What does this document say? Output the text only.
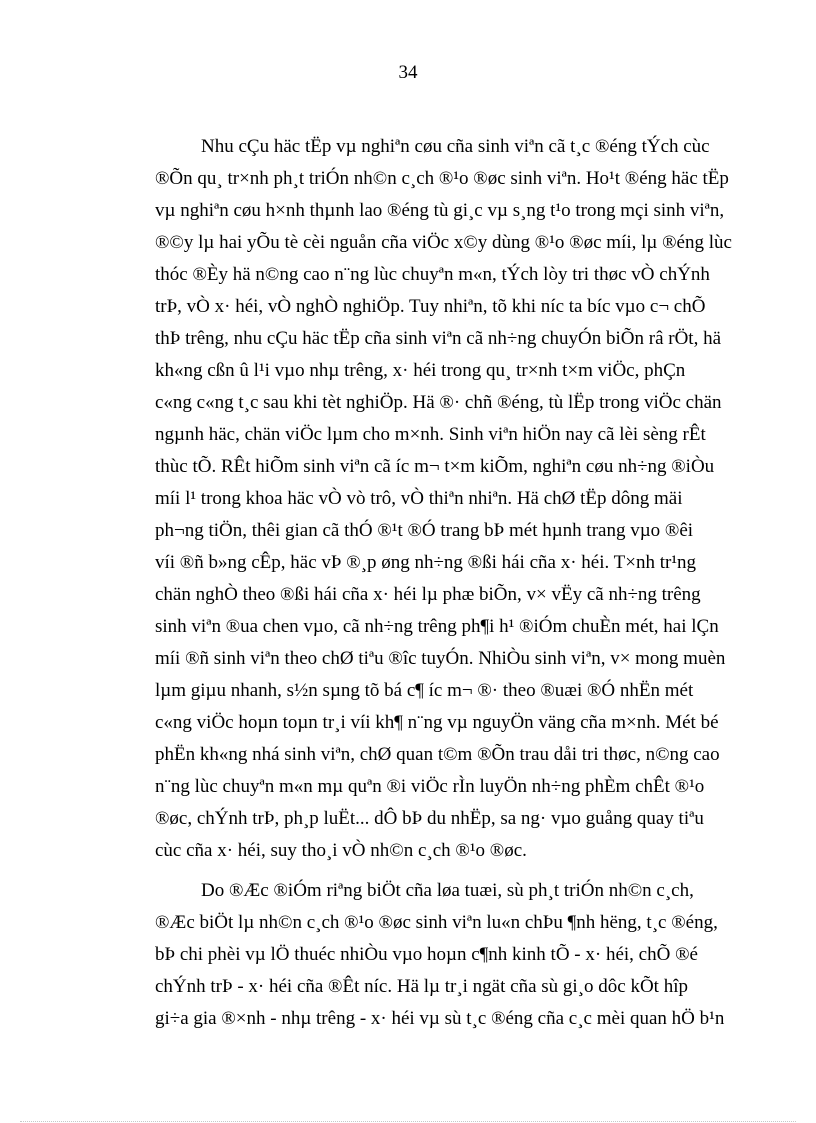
34
Nhu cÇu häc tËp vµ nghiªn cøu cña sinh viªn cã t¸c ®éng tÝch cùc
®Õn qu¸ tr×nh ph¸t triÓn nh©n c¸ch ®¹o ®øc sinh viªn. Ho¹t ®éng häc tËp
vµ nghiªn cøu h×nh thµnh lao ®éng tù gi¸c vµ s¸ng t¹o trong mçi sinh viªn,
®©y lµ hai yÕu tè cèi nguån cña viÖc x©y dùng ®¹o ®øc míi, lµ ®éng lùc
thóc ®Èy hä n©ng cao n¨ng lùc chuyªn m«n, tÝch lòy tri thøc vÒ chÝnh
trÞ, vÒ x· héi, vÒ nghÒ nghiÖp. Tuy nhiªn, tõ khi níc ta bíc vµo c¬ chÕ
thÞ trêng, nhu cÇu häc tËp cña sinh viªn cã nh÷ng chuyÓn biÕn râ rÖt, hä
kh«ng cßn û l¹i vµo nhµ trêng, x· héi trong qu¸ tr×nh t×m viÖc, phÇn
c«ng c«ng t¸c sau khi tèt nghiÖp. Hä ®· chñ ®éng, tù lËp trong viÖc chän
ngµnh häc, chän viÖc lµm cho m×nh. Sinh viªn hiÖn nay cã lèi sèng rÊt
thùc tÕ. RÊt hiÕm sinh viªn cã íc m¬ t×m kiÕm, nghiªn cøu nh÷ng ®iÒu
míi l¹ trong khoa häc vÒ vò trô, vÒ thiªn nhiªn. Hä chØ tËp dông mäi
ph¬ng tiÖn, thêi gian cã thÓ ®¹t ®Ó trang bÞ mét hµnh trang vµo ®êi
víi ®ñ b»ng cÊp, häc vÞ ®¸p øng nh÷ng ®ßi hái cña x· héi. T×nh tr¹ng
chän nghÒ theo ®ßi hái cña x· héi lµ phæ biÕn, v× vËy cã nh÷ng trêng
sinh viªn ®ua chen vµo, cã nh÷ng trêng ph¶i h¹ ®iÓm chuÈn mét, hai lÇn
míi ®ñ sinh viªn theo chØ tiªu ®îc tuyÓn. NhiÒu sinh viªn, v× mong muèn
lµm giµu nhanh, s½n sµng tõ bá c¶ íc m¬ ®· theo ®uæi ®Ó nhËn mét
c«ng viÖc hoµn toµn tr¸i víi kh¶ n¨ng vµ nguyÖn väng cña m×nh. Mét bé
phËn kh«ng nhá sinh viªn, chØ quan t©m ®Õn trau dåi tri thøc, n©ng cao
n¨ng lùc chuyªn m«n mµ quªn ®i viÖc rÌn luyÖn nh÷ng phÈm chÊt ®¹o
®øc, chÝnh trÞ, ph¸p luËt... dÔ bÞ du nhËp, sa ng· vµo guång quay tiªu
cùc cña x· héi, suy tho¸i vÒ nh©n c¸ch ®¹o ®øc.
Do ®Æc ®iÓm riªng biÖt cña løa tuæi, sù ph¸t triÓn nh©n c¸ch,
®Æc biÖt lµ nh©n c¸ch ®¹o ®øc sinh viªn lu«n chÞu ¶nh hëng, t¸c ®éng,
bÞ chi phèi vµ lÖ thuéc nhiÒu vµo hoµn c¶nh kinh tÕ - x· héi, chÕ ®é
chÝnh trÞ - x· héi cña ®Êt níc. Hä lµ tr¸i ngät cña sù gi¸o dôc kÕt hîp
gi÷a gia ®×nh - nhµ trêng - x· héi vµ sù t¸c ®éng cña c¸c mèi quan hÖ b¹n
